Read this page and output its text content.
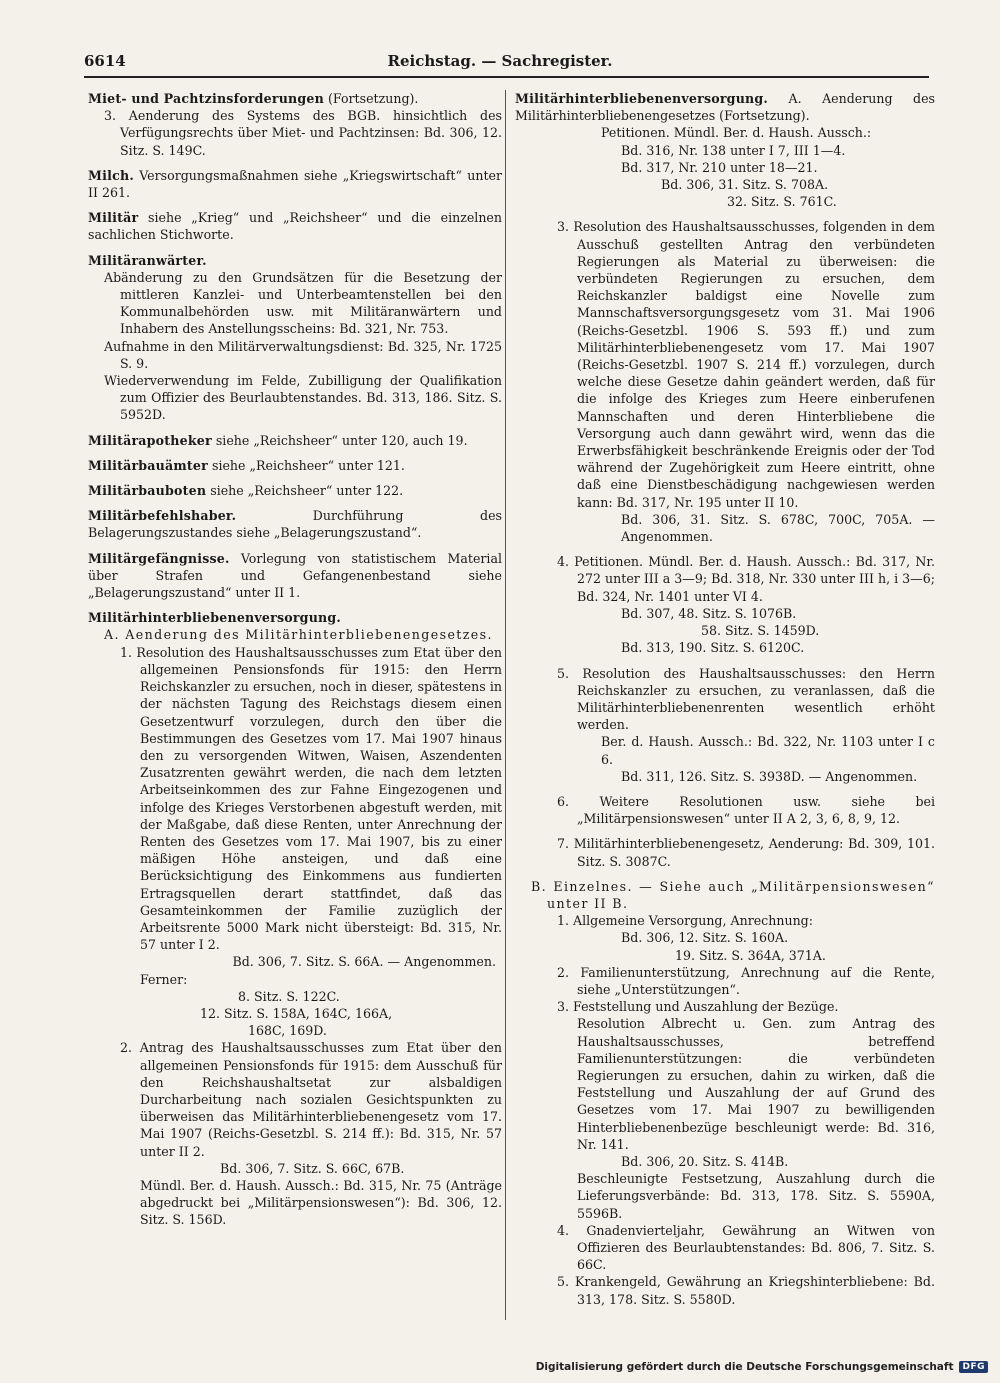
6614	Reichstag. — Sachregister.

Miet- und Pachtzinsforderungen (Fortsetzung).

3. Aenderung des Systems des BGB. hinsichtlich des Verfügungsrechts über Miet- und Pachtzinsen: Bd. 306, 12. Sitz. S. 149C.

Milch. Versorgungsmaßnahmen siehe „Kriegswirtschaft“ unter II 261.

Militär siehe „Krieg“ und „Reichsheer“ und die einzelnen sachlichen Stichworte.

Militäranwärter.

Abänderung zu den Grundsätzen für die Besetzung der mittleren Kanzlei- und Unterbeamtenstellen bei den Kommunalbehörden usw. mit Militäranwärtern und Inhabern des Anstellungsscheins: Bd. 321, Nr. 753.

Aufnahme in den Militärverwaltungsdienst: Bd. 325, Nr. 1725 S. 9.

Wiederverwendung im Felde, Zubilligung der Qualifikation zum Offizier des Beurlaubtenstandes. Bd. 313, 186. Sitz. S. 5952D.

Militärapotheker siehe „Reichsheer“ unter 120, auch 19.

Militärbauämter siehe „Reichsheer“ unter 121.

Militärbauboten siehe „Reichsheer“ unter 122.

Militärbefehlshaber. Durchführung des Belagerungszustandes siehe „Belagerungszustand“.

Militärgefängnisse. Vorlegung von statistischem Material über Strafen und Gefangenenbestand siehe „Belagerungszustand“ unter II 1.

Militärhinterbliebenenversorgung.

A. Aenderung des Militärhinterbliebenengesetzes.

1. Resolution des Haushaltsausschusses zum Etat über den allgemeinen Pensionsfonds für 1915: den Herrn Reichskanzler zu ersuchen, noch in dieser, spätestens in der nächsten Tagung des Reichstags diesem einen Gesetzentwurf vorzulegen, durch den über die Bestimmungen des Gesetzes vom 17. Mai 1907 hinaus den zu versorgenden Witwen, Waisen, Aszendenten Zusatzrenten gewährt werden, die nach dem letzten Arbeitseinkommen des zur Fahne Eingezogenen und infolge des Krieges Verstorbenen abgestuft werden, mit der Maßgabe, daß diese Renten, unter Anrechnung der Renten des Gesetzes vom 17. Mai 1907, bis zu einer mäßigen Höhe ansteigen, und daß eine Berücksichtigung des Einkommens aus fundierten Ertragsquellen derart stattfindet, daß das Gesamteinkommen der Familie zuzüglich der Arbeitsrente 5000 Mark nicht übersteigt: Bd. 315, Nr. 57 unter I 2.

Bd. 306, 7. Sitz. S. 66A. — Angenommen.

Ferner:

8. Sitz. S. 122C.

12. Sitz. S. 158A, 164C, 166A,

168C, 169D.

2. Antrag des Haushaltsausschusses zum Etat über den allgemeinen Pensionsfonds für 1915: dem Ausschuß für den Reichshaushaltsetat zur alsbaldigen Durcharbeitung nach sozialen Gesichtspunkten zu überweisen das Militärhinterbliebenengesetz vom 17. Mai 1907 (Reichs-Gesetzbl. S. 214 ff.): Bd. 315, Nr. 57 unter II 2.

Bd. 306, 7. Sitz. S. 66C, 67B.

Mündl. Ber. d. Haush. Aussch.: Bd. 315, Nr. 75 (Anträge abgedruckt bei „Militärpensionswesen“): Bd. 306, 12. Sitz. S. 156D.

Militärhinterbliebenenversorgung. A. Aenderung des Militärhinterbliebenengesetzes (Fortsetzung).

Petitionen. Mündl. Ber. d. Haush. Aussch.:

Bd. 316, Nr. 138 unter I 7, III 1—4.

Bd. 317, Nr. 210 unter 18—21.

Bd. 306, 31. Sitz. S. 708A.

32. Sitz. S. 761C.

3. Resolution des Haushaltsausschusses, folgenden in dem Ausschuß gestellten Antrag den verbündeten Regierungen als Material zu überweisen: die verbündeten Regierungen zu ersuchen, dem Reichskanzler baldigst eine Novelle zum Mannschaftsversorgungsgesetz vom 31. Mai 1906 (Reichs-Gesetzbl. 1906 S. 593 ff.) und zum Militärhinterbliebenengesetz vom 17. Mai 1907 (Reichs-Gesetzbl. 1907 S. 214 ff.) vorzulegen, durch welche diese Gesetze dahin geändert werden, daß für die infolge des Krieges zum Heere einberufenen Mannschaften und deren Hinterbliebene die Versorgung auch dann gewährt wird, wenn das die Erwerbsfähigkeit beschränkende Ereignis oder der Tod während der Zugehörigkeit zum Heere eintritt, ohne daß eine Dienstbeschädigung nachgewiesen werden kann: Bd. 317, Nr. 195 unter II 10.

Bd. 306, 31. Sitz. S. 678C, 700C, 705A. — Angenommen.

4. Petitionen. Mündl. Ber. d. Haush. Aussch.: Bd. 317, Nr. 272 unter III a 3—9; Bd. 318, Nr. 330 unter III h, i 3—6; Bd. 324, Nr. 1401 unter VI 4.

Bd. 307, 48. Sitz. S. 1076B.

58. Sitz. S. 1459D.

Bd. 313, 190. Sitz. S. 6120C.

5. Resolution des Haushaltsausschusses: den Herrn Reichskanzler zu ersuchen, zu veranlassen, daß die Militärhinterbliebenenrenten wesentlich erhöht werden.

Ber. d. Haush. Aussch.: Bd. 322, Nr. 1103 unter I c 6.

Bd. 311, 126. Sitz. S. 3938D. — Angenommen.

6. Weitere Resolutionen usw. siehe bei „Militärpensionswesen“ unter II A 2, 3, 6, 8, 9, 12.

7. Militärhinterbliebenengesetz, Aenderung: Bd. 309, 101. Sitz. S. 3087C.

B. Einzelnes. — Siehe auch „Militärpensionswesen“ unter II B.

1. Allgemeine Versorgung, Anrechnung:

Bd. 306, 12. Sitz. S. 160A.

19. Sitz. S. 364A, 371A.

2. Familienunterstützung, Anrechnung auf die Rente, siehe „Unterstützungen“.

3. Feststellung und Auszahlung der Bezüge.

Resolution Albrecht u. Gen. zum Antrag des Haushaltsausschusses, betreffend Familienunterstützungen: die verbündeten Regierungen zu ersuchen, dahin zu wirken, daß die Feststellung und Auszahlung der auf Grund des Gesetzes vom 17. Mai 1907 zu bewilligenden Hinterbliebenenbezüge beschleunigt werde: Bd. 316, Nr. 141.

Bd. 306, 20. Sitz. S. 414B.

Beschleunigte Festsetzung, Auszahlung durch die Lieferungsverbände: Bd. 313, 178. Sitz. S. 5590A, 5596B.

4. Gnadenvierteljahr, Gewährung an Witwen von Offizieren des Beurlaubtenstandes: Bd. 806, 7. Sitz. S. 66C.

5. Krankengeld, Gewährung an Kriegshinterbliebene: Bd. 313, 178. Sitz. S. 5580D.

Digitalisierung gefördert durch die Deutsche Forschungsgemeinschaft	DFG
